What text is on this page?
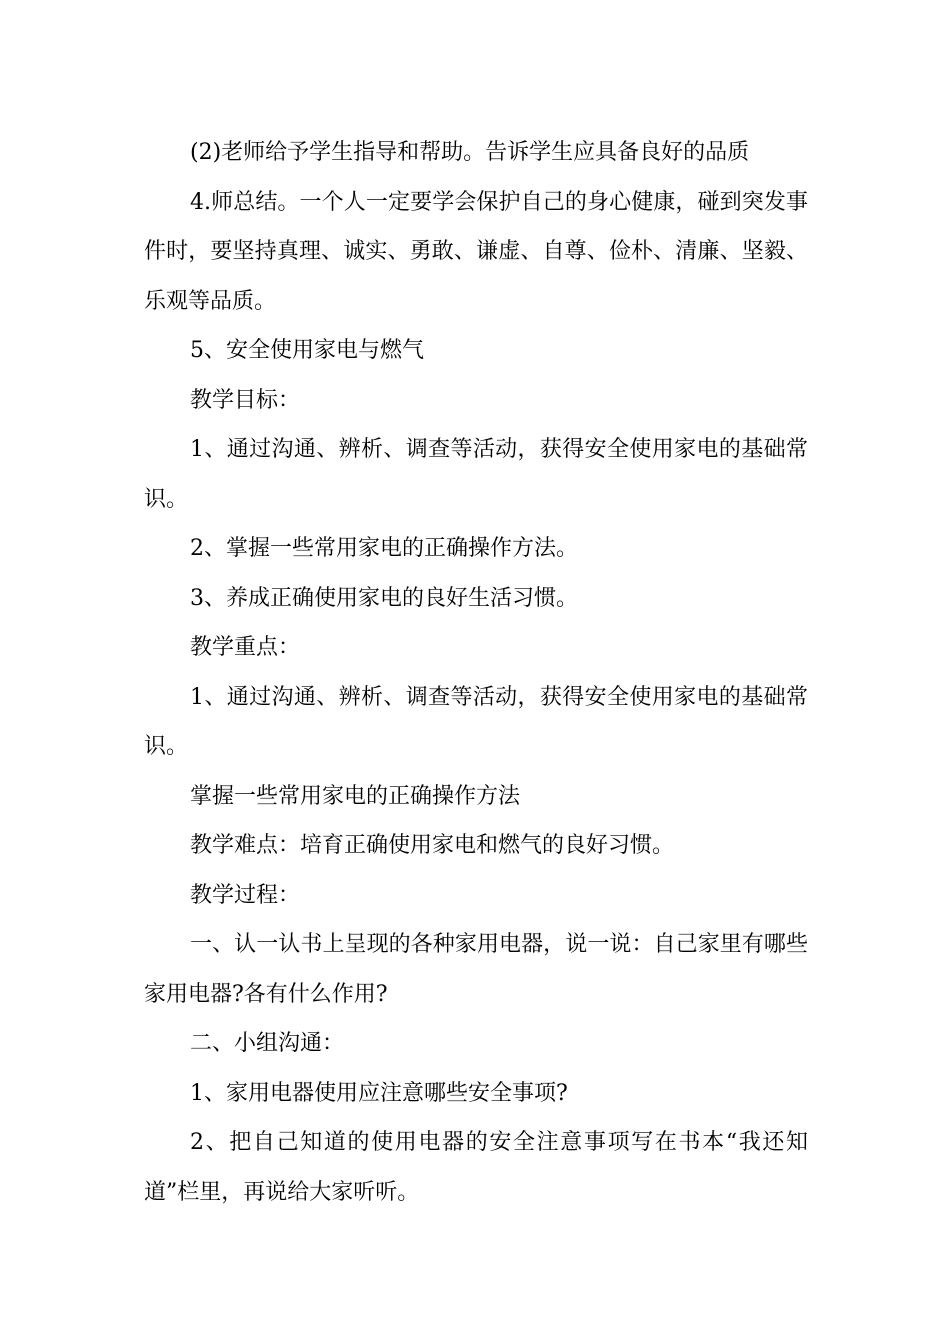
(2)老师给予学生指导和帮助。告诉学生应具备良好的品质

4.师总结。一个人一定要学会保护自己的身心健康，碰到突发事件时，要坚持真理、诚实、勇敢、谦虚、自尊、俭朴、清廉、坚毅、乐观等品质。

5、安全使用家电与燃气

教学目标：

1、通过沟通、辨析、调查等活动，获得安全使用家电的基础常识。

2、掌握一些常用家电的正确操作方法。

3、养成正确使用家电的良好生活习惯。

教学重点：

1、通过沟通、辨析、调查等活动，获得安全使用家电的基础常识。

掌握一些常用家电的正确操作方法

教学难点：培育正确使用家电和燃气的良好习惯。

教学过程：

一、认一认书上呈现的各种家用电器，说一说：自己家里有哪些家用电器?各有什么作用?

二、小组沟通：

1、家用电器使用应注意哪些安全事项?

2、把自己知道的使用电器的安全注意事项写在书本“我还知道”栏里，再说给大家听听。
